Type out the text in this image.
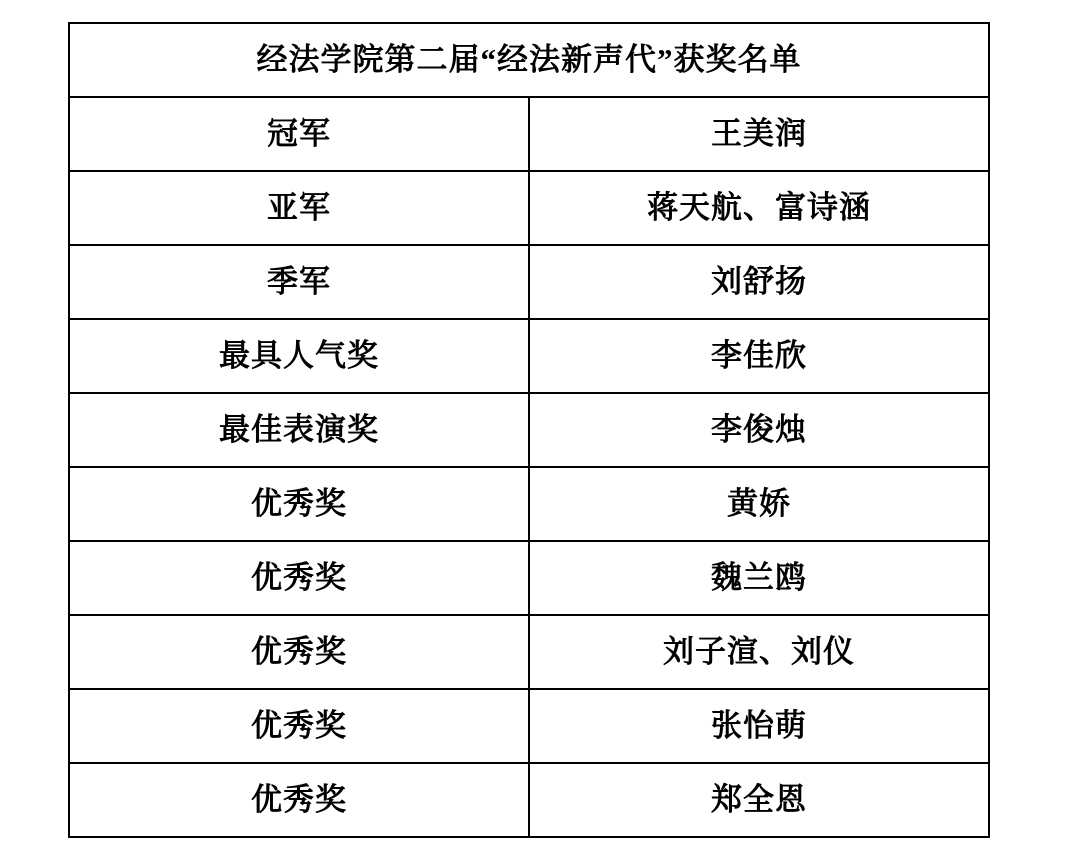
经法学院第二届“经法新声代”获奖名单	
冠军	王美润
亚军	蒋天航、富诗涵
季军	刘舒扬
最具人气奖	李佳欣
最佳表演奖	李俊烛
优秀奖	黄娇
优秀奖	魏兰鸥
优秀奖	刘子渲、刘仪
优秀奖	张怡萌
优秀奖	郑全恩
